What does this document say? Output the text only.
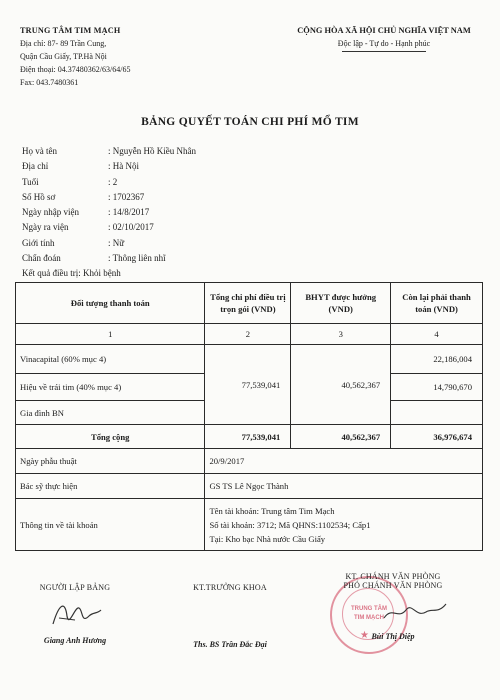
TRUNG TÂM TIM MẠCH
Địa chỉ: 87- 89 Trần Cung,
Quận Cầu Giấy, TP.Hà Nội
Điện thoại: 04.37480362/63/64/65
Fax: 043.7480361
CỘNG HÒA XÃ HỘI CHỦ NGHĨA VIỆT NAM
Độc lập - Tự do - Hạnh phúc
BẢNG QUYẾT TOÁN CHI PHÍ MỔ TIM
Họ và tên	: Nguyễn Hồ Kiều Nhân
Địa chỉ	: Hà Nội
Tuổi	: 2
Số Hồ sơ	: 1702367
Ngày nhập viện	: 14/8/2017
Ngày ra viện	: 02/10/2017
Giới tính	: Nữ
Chẩn đoán	: Thông liên nhĩ
Kết quả điều trị: Khỏi bệnh
Đối tượng thanh toán	Tổng chi phí điều trị trọn gói (VND)	BHYT được hưởng (VND)	Còn lại phải thanh toán (VND)
1	2	3	4
Vinacapital (60% mục 4)	77,539,041	40,562,367	22,186,004
Hiệu về trái tim (40% mục 4)			14,790,670
Gia đình BN			
Tổng cộng	77,539,041	40,562,367	36,976,674
Ngày phẫu thuật	20/9/2017		
Bác sỹ thực hiện	GS TS Lê Ngọc Thành		
Thông tin về tài khoản	Tên tài khoản: Trung tâm Tim Mạch
Số tài khoản: 3712; Mã QHNS:1102534; Cấp1
Tại: Kho bạc Nhà nước Cầu Giấy		
NGƯỜI LẬP BẢNG
Giang Anh Hương
KT.TRƯỞNG KHOA
Ths. BS Trần Đắc Đại
TRUNG TÂM
TIM MẠCH
★
KT. CHÁNH VĂN PHÒNG
PHÓ CHÁNH VĂN PHÒNG
Bùi Thị Diệp
